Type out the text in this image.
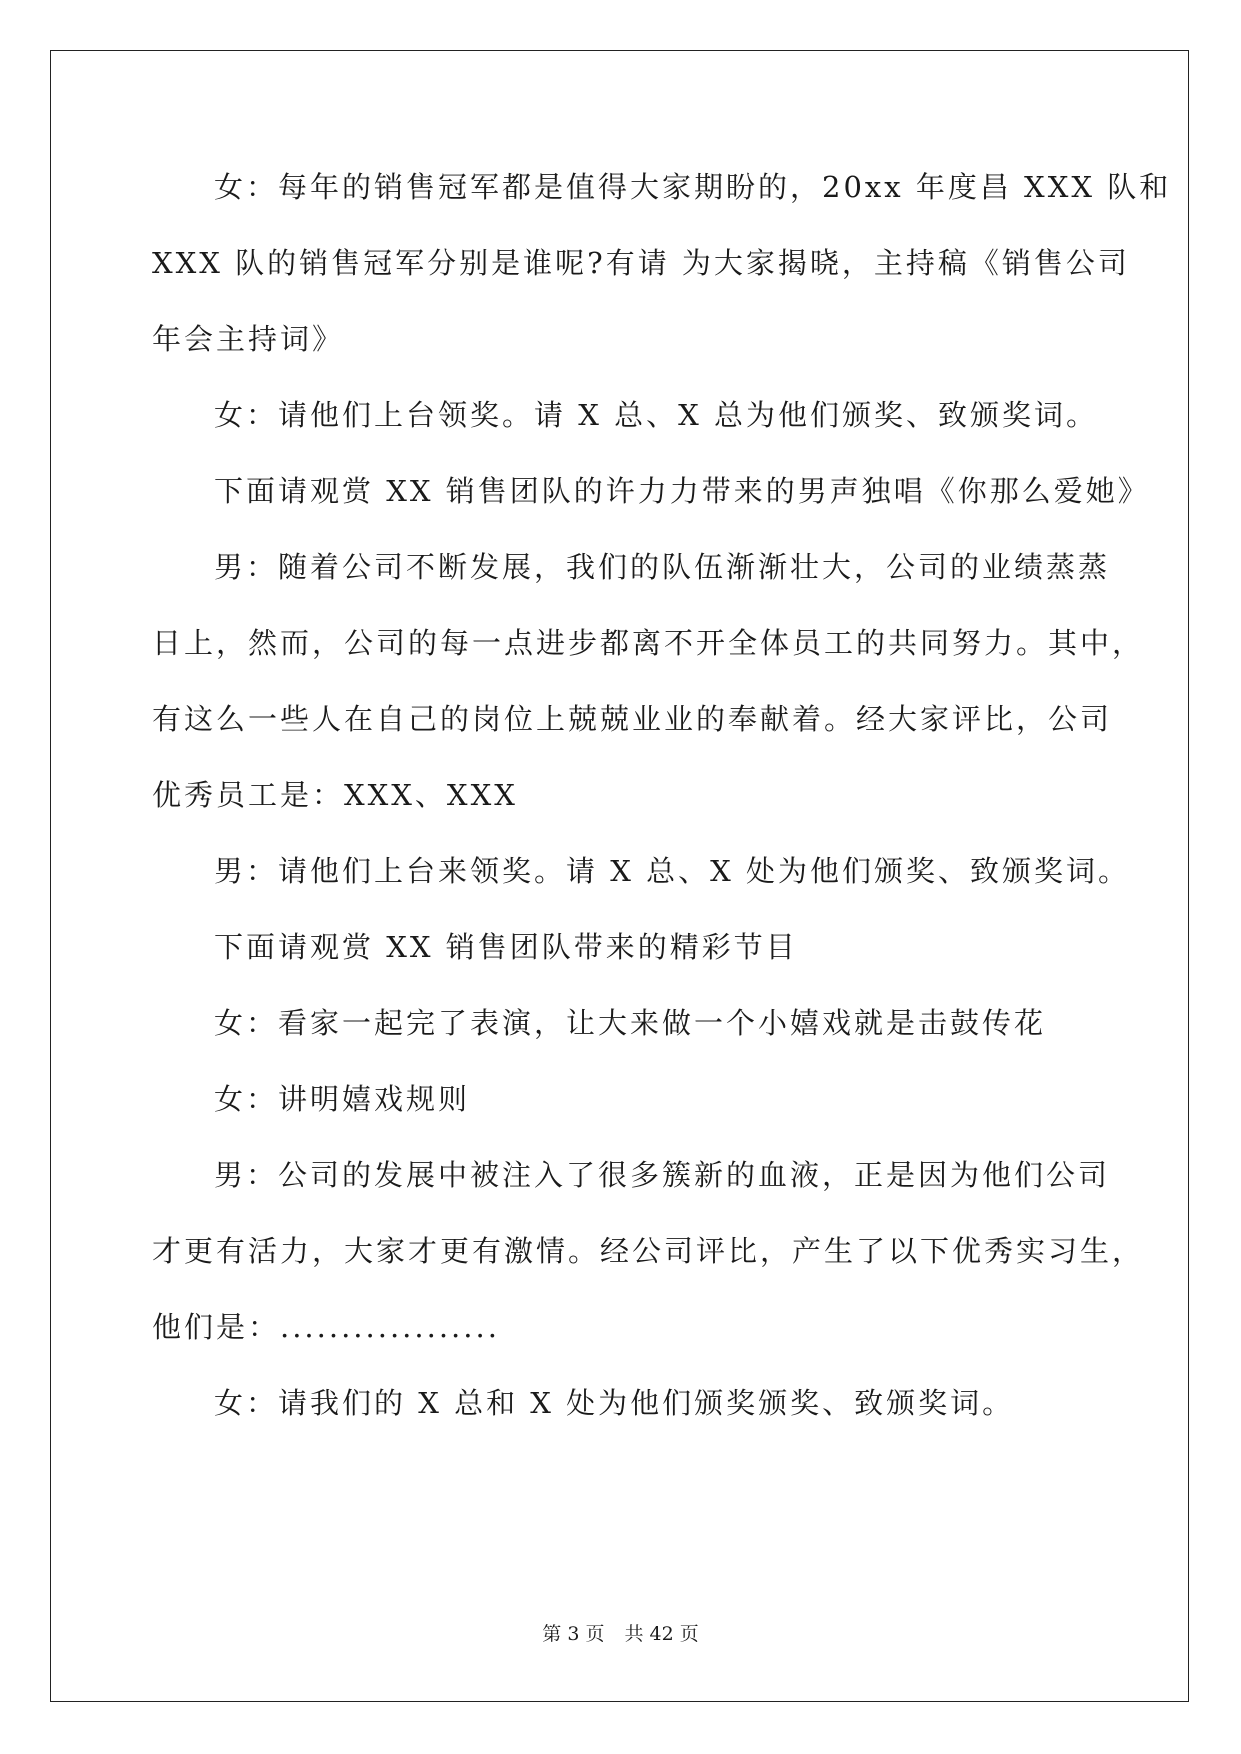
女：每年的销售冠军都是值得大家期盼的，20xx 年度昌 XXX 队和
XXX 队的销售冠军分别是谁呢?有请 为大家揭晓，主持稿《销售公司
年会主持词》
女：请他们上台领奖。请 X 总、X 总为他们颁奖、致颁奖词。
下面请观赏 XX 销售团队的许力力带来的男声独唱《你那么爱她》
男：随着公司不断发展，我们的队伍渐渐壮大，公司的业绩蒸蒸
日上，然而，公司的每一点进步都离不开全体员工的共同努力。其中，
有这么一些人在自己的岗位上兢兢业业的奉献着。经大家评比，公司
优秀员工是：XXX、XXX
男：请他们上台来领奖。请 X 总、X 处为他们颁奖、致颁奖词。
下面请观赏 XX 销售团队带来的精彩节目
女：看家一起完了表演，让大来做一个小嬉戏就是击鼓传花
女：讲明嬉戏规则
男：公司的发展中被注入了很多簇新的血液，正是因为他们公司
才更有活力，大家才更有激情。经公司评比，产生了以下优秀实习生，
他们是：..................
女：请我们的 X 总和 X 处为他们颁奖颁奖、致颁奖词。
第 3 页 共 42 页
